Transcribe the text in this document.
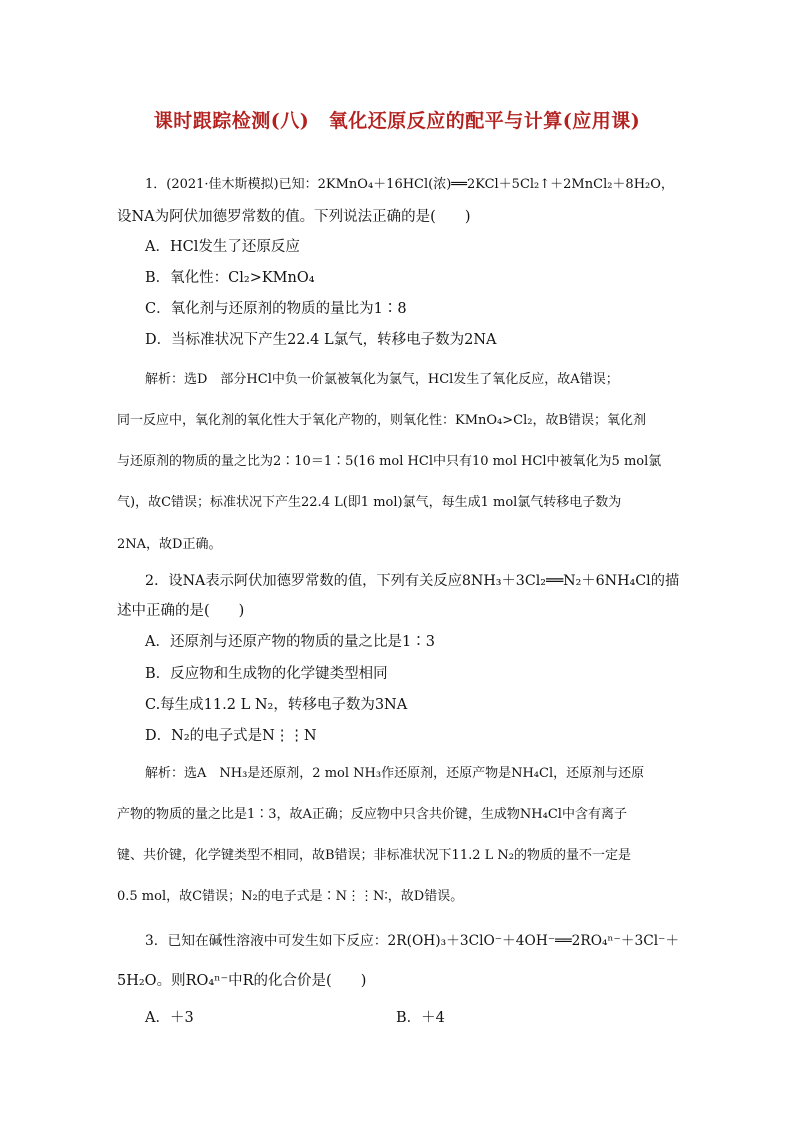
课时跟踪检测(八)　氧化还原反应的配平与计算(应用课)
1．(2021·佳木斯模拟)已知：2KMnO₄＋16HCl(浓)══2KCl＋5Cl₂↑＋2MnCl₂＋8H₂O，
设NA为阿伏加德罗常数的值。下列说法正确的是(　　)
A．HCl发生了还原反应
B．氧化性：Cl₂>KMnO₄
C．氧化剂与还原剂的物质的量比为1∶8
D．当标准状况下产生22.4 L氯气，转移电子数为2NA
解析：选D　部分HCl中负一价氯被氧化为氯气，HCl发生了氧化反应，故A错误；
同一反应中，氧化剂的氧化性大于氧化产物的，则氧化性：KMnO₄>Cl₂，故B错误；氧化剂
与还原剂的物质的量之比为2∶10＝1∶5(16 mol HCl中只有10 mol HCl中被氧化为5 mol氯
气)，故C错误；标准状况下产生22.4 L(即1 mol)氯气，每生成1 mol氯气转移电子数为
2NA，故D正确。
2．设NA表示阿伏加德罗常数的值，下列有关反应8NH₃＋3Cl₂══N₂＋6NH₄Cl的描
述中正确的是(　　)
A．还原剂与还原产物的物质的量之比是1∶3
B．反应物和生成物的化学键类型相同
C.每生成11.2 L N₂，转移电子数为3NA
D．N₂的电子式是N⋮⋮N
解析：选A　NH₃是还原剂，2 mol NH₃作还原剂，还原产物是NH₄Cl，还原剂与还原
产物的物质的量之比是1∶3，故A正确；反应物中只含共价键，生成物NH₄Cl中含有离子
键、共价键，化学键类型不相同，故B错误；非标准状况下11.2 L N₂的物质的量不一定是
0.5 mol，故C错误；N₂的电子式是∶N⋮⋮N∶，故D错误。
3．已知在碱性溶液中可发生如下反应：2R(OH)₃＋3ClO⁻＋4OH⁻══2RO₄ⁿ⁻＋3Cl⁻＋
5H₂O。则RO₄ⁿ⁻中R的化合价是(　　)
A．＋3	B．＋4
